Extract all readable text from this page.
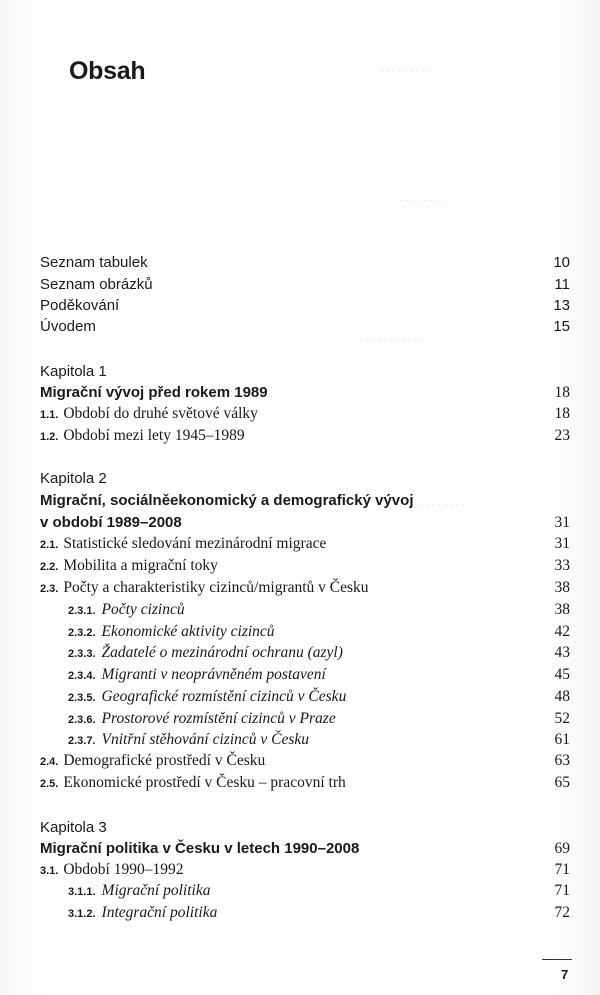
. . . . . . . . .
. . . . . . . .
. . . . . . . . . . .
. . . . . . . .
Obsah
Seznam tabulek	10
Seznam obrázků	11
Poděkování	13
Úvodem	15
Kapitola 1
Migrační vývoj před rokem 1989	18
1.1. Období do druhé světové války	18
1.2. Období mezi lety 1945–1989	23
Kapitola 2
Migrační, sociálněekonomický a demografický vývoj
v období 1989–2008	31
2.1. Statistické sledování mezinárodní migrace	31
2.2. Mobilita a migrační toky	33
2.3. Počty a charakteristiky cizinců/migrantů v Česku	38
2.3.1. Počty cizinců	38
2.3.2. Ekonomické aktivity cizinců	42
2.3.3. Žadatelé o mezinárodní ochranu (azyl)	43
2.3.4. Migranti v neoprávněném postavení	45
2.3.5. Geografické rozmístění cizinců v Česku	48
2.3.6. Prostorové rozmístění cizinců v Praze	52
2.3.7. Vnitřní stěhování cizinců v Česku	61
2.4. Demografické prostředí v Česku	63
2.5. Ekonomické prostředí v Česku – pracovní trh	65
Kapitola 3
Migrační politika v Česku v letech 1990–2008	69
3.1. Období 1990–1992	71
3.1.1. Migrační politika	71
3.1.2. Integrační politika	72
7
